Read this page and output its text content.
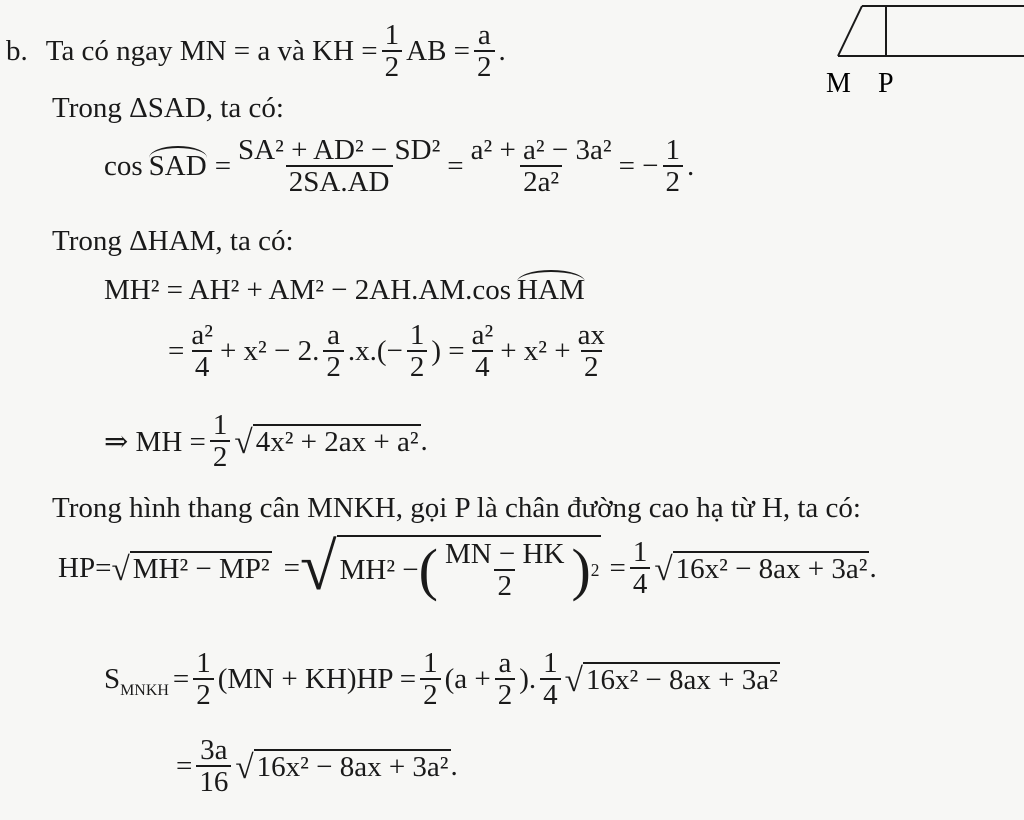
M P
b. Ta có ngay MN = a và KH = $\frac{1}{2}$ AB = $\frac{a}{2}$ .
Trong ΔSAD, ta có:
cos SAD = $\frac{\text{SA² + AD² − SD²}}{2SA.AD} = \frac{\text{a² + a² − 3a²}}{\text{2a²}}$ = − $\frac{1}{2}$ .
Trong ΔHAM, ta có:
MH² = AH² + AM² − 2AH.AM.cos HAM
= $\frac{\text{a²}}{4} + x^2 - 2$. $\frac{a}{2} .x.(- \frac{1}{2}$ ) = $\frac{\text{a²}}{4} + x^2 + \frac{ax}{2}$
⇒ MH = $\frac{1}{2}$ √ 4x² + 2ax + a² .
Trong hình thang cân MNKH, gọi P là chân đường cao hạ từ H, ta có:
HP= √ MH² − MP² = √ MH² − ( $\frac{MN - HK}{2}$ ) $2 = \frac{1}{4}$ √ 16x² − 8ax + 3a² .
$S_{MNKH} = \frac{1}{2} (MN + KH)HP = \frac{1}{2} (a + \frac{a}{2}$ ). $\frac{1}{4}$ √ 16x² − 8ax + 3a²
= $\frac{3a}{16}$ √ 16x² − 8ax + 3a² .
